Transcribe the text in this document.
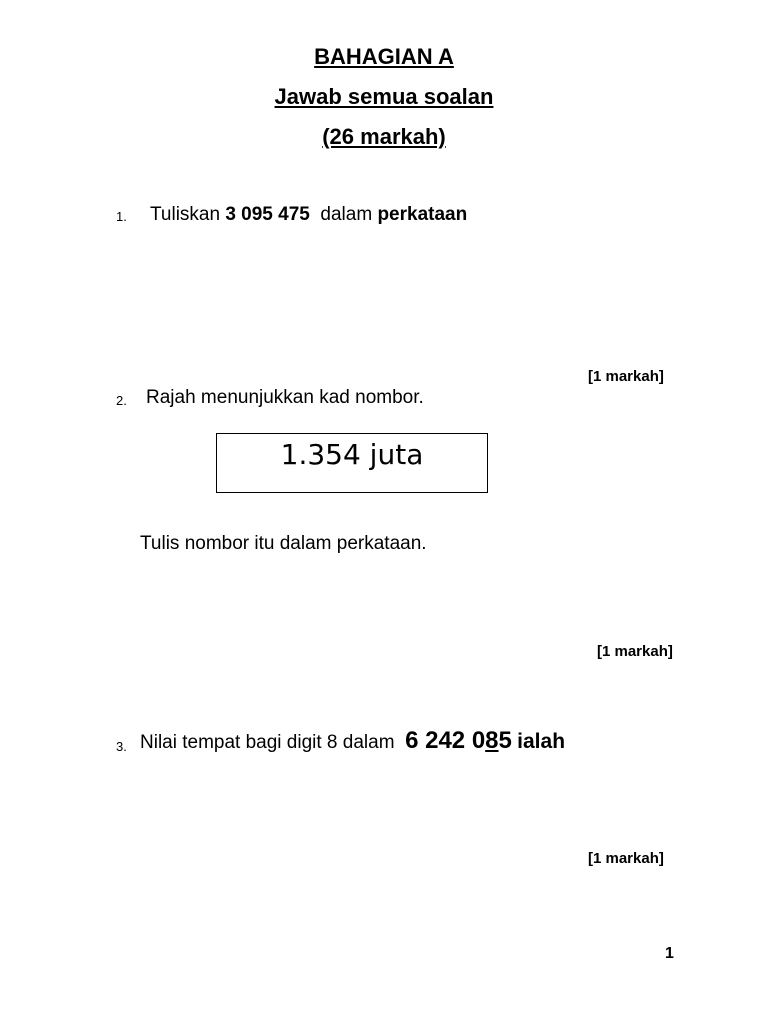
BAHAGIAN A
Jawab semua soalan
(26 markah)
1. Tuliskan 3 095 475 dalam perkataan
[1 markah]
2. Rajah menunjukkan kad nombor.
1.354 juta
Tulis nombor itu dalam perkataan.
[1 markah]
3. Nilai tempat bagi digit 8 dalam 6 242 085 ialah
[1 markah]
1
